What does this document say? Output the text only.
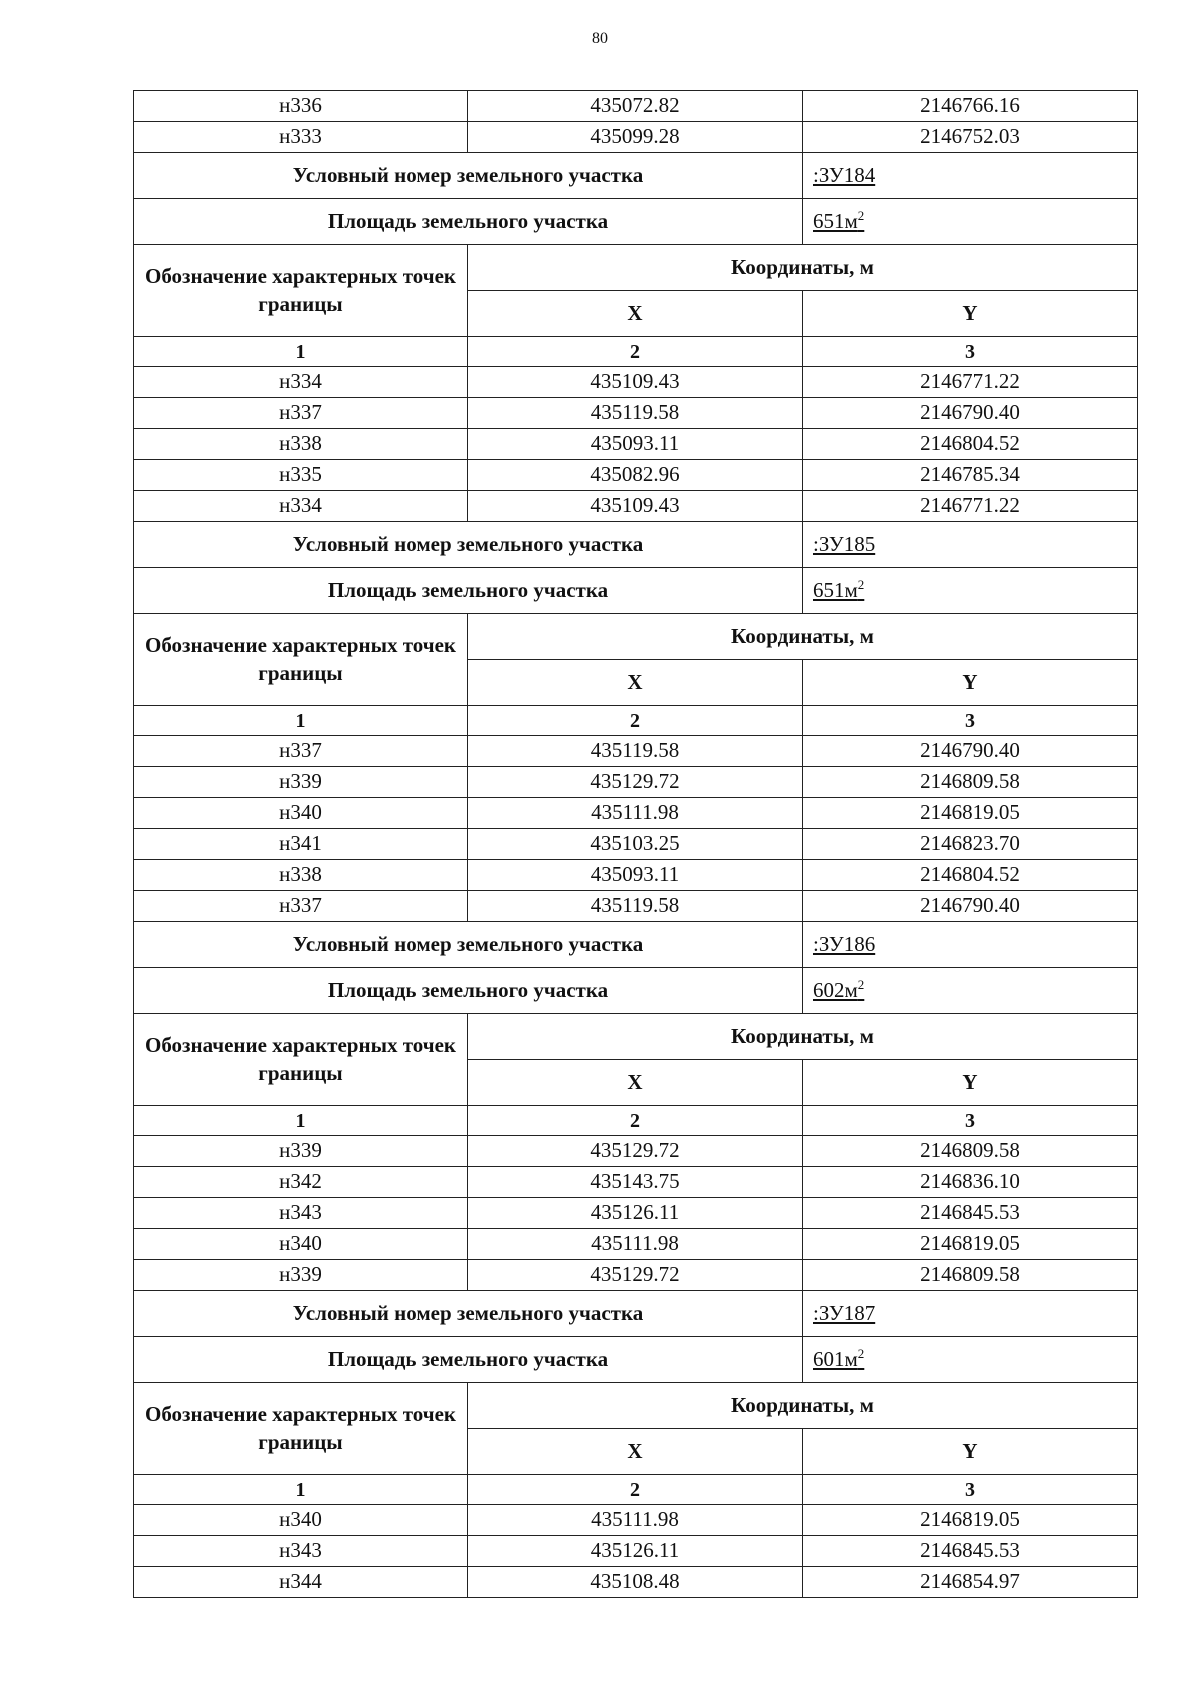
80
н336	435072.82	2146766.16
н333	435099.28	2146752.03
Условный номер земельного участка		:ЗУ184
Площадь земельного участка		$651м^2$
Обозначение характерных точек границы	Координаты, м	
	X	Y
1	2	3
н334	435109.43	2146771.22
н337	435119.58	2146790.40
н338	435093.11	2146804.52
н335	435082.96	2146785.34
н334	435109.43	2146771.22
Условный номер земельного участка		:ЗУ185
Площадь земельного участка		$651м^2$
Обозначение характерных точек границы	Координаты, м	
	X	Y
1	2	3
н337	435119.58	2146790.40
н339	435129.72	2146809.58
н340	435111.98	2146819.05
н341	435103.25	2146823.70
н338	435093.11	2146804.52
н337	435119.58	2146790.40
Условный номер земельного участка		:ЗУ186
Площадь земельного участка		$602м^2$
Обозначение характерных точек границы	Координаты, м	
	X	Y
1	2	3
н339	435129.72	2146809.58
н342	435143.75	2146836.10
н343	435126.11	2146845.53
н340	435111.98	2146819.05
н339	435129.72	2146809.58
Условный номер земельного участка		:ЗУ187
Площадь земельного участка		$601м^2$
Обозначение характерных точек границы	Координаты, м	
	X	Y
1	2	3
н340	435111.98	2146819.05
н343	435126.11	2146845.53
н344	435108.48	2146854.97
